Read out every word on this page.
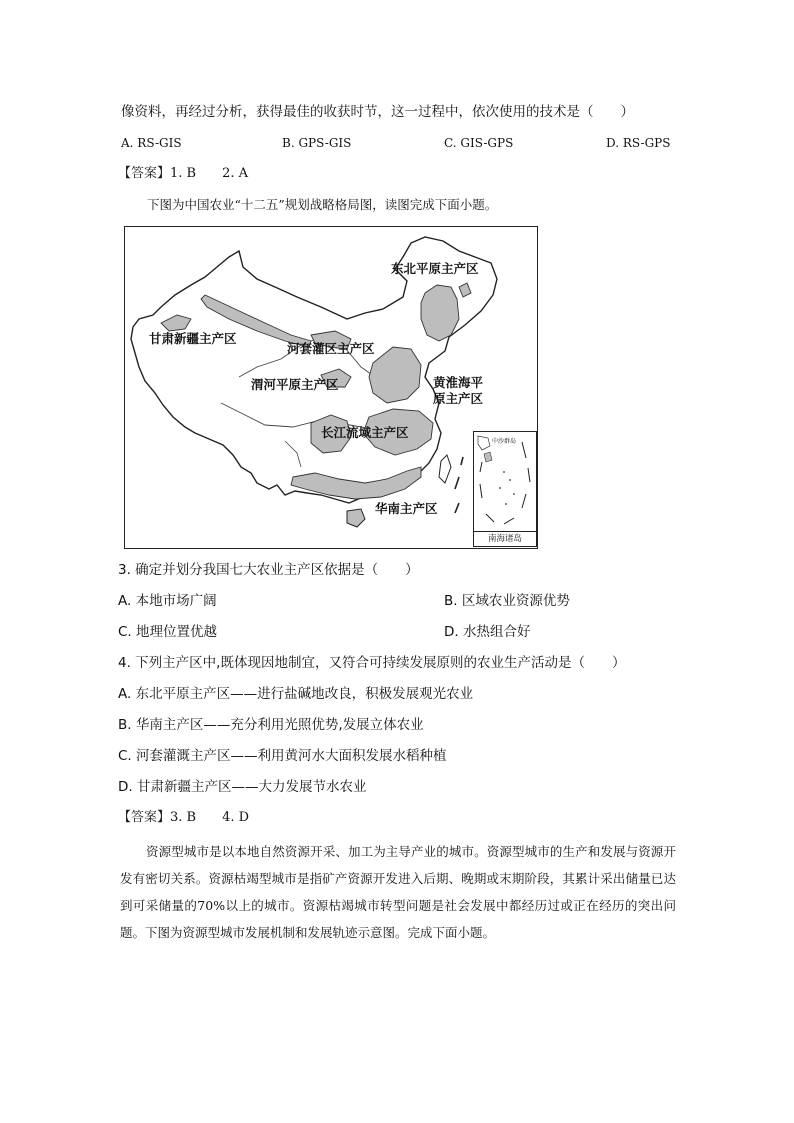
像资料，再经过分析，获得最佳的收获时节，这一过程中，依次使用的技术是（　　）
A. RS-GIS	B. GPS-GIS	C. GIS-GPS	D. RS-GPS
【答案】1. B　　2. A
下图为中国农业“十二五”规划战略格局图，读图完成下面小题。
东北平原主产区
甘肃新疆主产区
河套灌区主产区
渭河平原主产区	黄淮海平
原主产区
长江流域主产区
华南主产区
中沙群岛
南海诸岛
3. 确定并划分我国七大农业主产区依据是（　　）
A. 本地市场广阔	B. 区域农业资源优势
C. 地理位置优越	D. 水热组合好
4. 下列主产区中,既体现因地制宜，又符合可持续发展原则的农业生产活动是（　　）
A. 东北平原主产区——进行盐碱地改良，积极发展观光农业
B. 华南主产区——充分利用光照优势,发展立体农业
C. 河套灌溉主产区——利用黄河水大面积发展水稻种植
D. 甘肃新疆主产区——大力发展节水农业
【答案】3. B　　4. D
资源型城市是以本地自然资源开采、加工为主导产业的城市。资源型城市的生产和发展与资源开发有密切关系。资源枯竭型城市是指矿产资源开发进入后期、晚期或末期阶段，其累计采出储量已达到可采储量的70%以上的城市。资源枯竭城市转型问题是社会发展中都经历过或正在经历的突出问题。下图为资源型城市发展机制和发展轨迹示意图。完成下面小题。
